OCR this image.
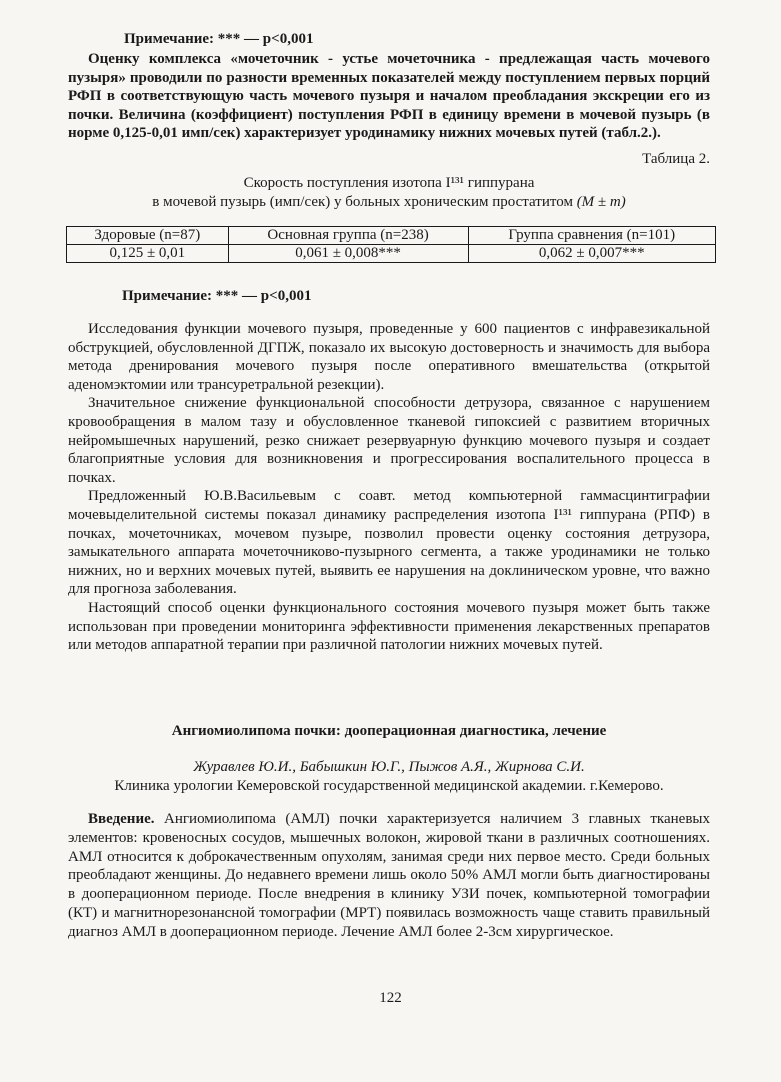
Примечание: *** — p<0,001

Оценку комплекса «мочеточник - устье мочеточника - предлежащая часть мочевого пузыря» проводили по разности временных показателей между поступлением первых порций РФП в соответствующую часть мочевого пузыря и началом преобладания экскреции его из почки. Величина (коэффициент) поступления РФП в единицу времени в мочевой пузырь (в норме 0,125-0,01 имп/сек) характеризует уродинамику нижних мочевых путей (табл.2.).

Таблица 2.

Скорость поступления изотопа I¹³¹ гиппурана

в мочевой пузырь (имп/сек) у больных хроническим простатитом (M ± m)

Здоровые (n=87)	Основная группа (n=238)	Группа сравнения (n=101)
0,125 ± 0,01	0,061 ± 0,008***	0,062 ± 0,007***

Примечание: *** — p<0,001

Исследования функции мочевого пузыря, проведенные у 600 пациентов с инфравезикальной обструкцией, обусловленной ДГПЖ, показало их высокую достоверность и значимость для выбора метода дренирования мочевого пузыря после оперативного вмешательства (открытой аденомэктомии или трансуретральной резекции).

Значительное снижение функциональной способности детрузора, связанное с нарушением кровообращения в малом тазу и обусловленное тканевой гипоксией с развитием вторичных нейромышечных нарушений, резко снижает резервуарную функцию мочевого пузыря и создает благоприятные условия для возникновения и прогрессирования воспалительного процесса в почках.

Предложенный Ю.В.Васильевым с соавт. метод компьютерной гаммасцинтиграфии мочевыделительной системы показал динамику распределения изотопа I¹³¹ гиппурана (РПФ) в почках, мочеточниках, мочевом пузыре, позволил провести оценку состояния детрузора, замыкательного аппарата мочеточниково-пузырного сегмента, а также уродинамики не только нижних, но и верхних мочевых путей, выявить ее нарушения на доклиническом уровне, что важно для прогноза заболевания.

Настоящий способ оценки функционального состояния мочевого пузыря может быть также использован при проведении мониторинга эффективности применения лекарственных препаратов или методов аппаратной терапии при различной патологии нижних мочевых путей.

Ангиомиолипома почки: дооперационная диагностика, лечение

Журавлев Ю.И., Бабышкин Ю.Г., Пыжов А.Я., Жирнова С.И.

Клиника урологии Кемеровской государственной медицинской академии. г.Кемерово.

Введение. Ангиомиолипома (АМЛ) почки характеризуется наличием 3 главных тканевых элементов: кровеносных сосудов, мышечных волокон, жировой ткани в различных соотношениях. АМЛ относится к доброкачественным опухолям, занимая среди них первое место. Среди больных преобладают женщины. До недавнего времени лишь около 50% АМЛ могли быть диагностированы в дооперационном периоде. После внедрения в клинику УЗИ почек, компьютерной томографии (КТ) и магнитнорезонансной томографии (МРТ) появилась возможность чаще ставить правильный диагноз АМЛ в дооперационном периоде. Лечение АМЛ более 2-3см хирургическое.

122
